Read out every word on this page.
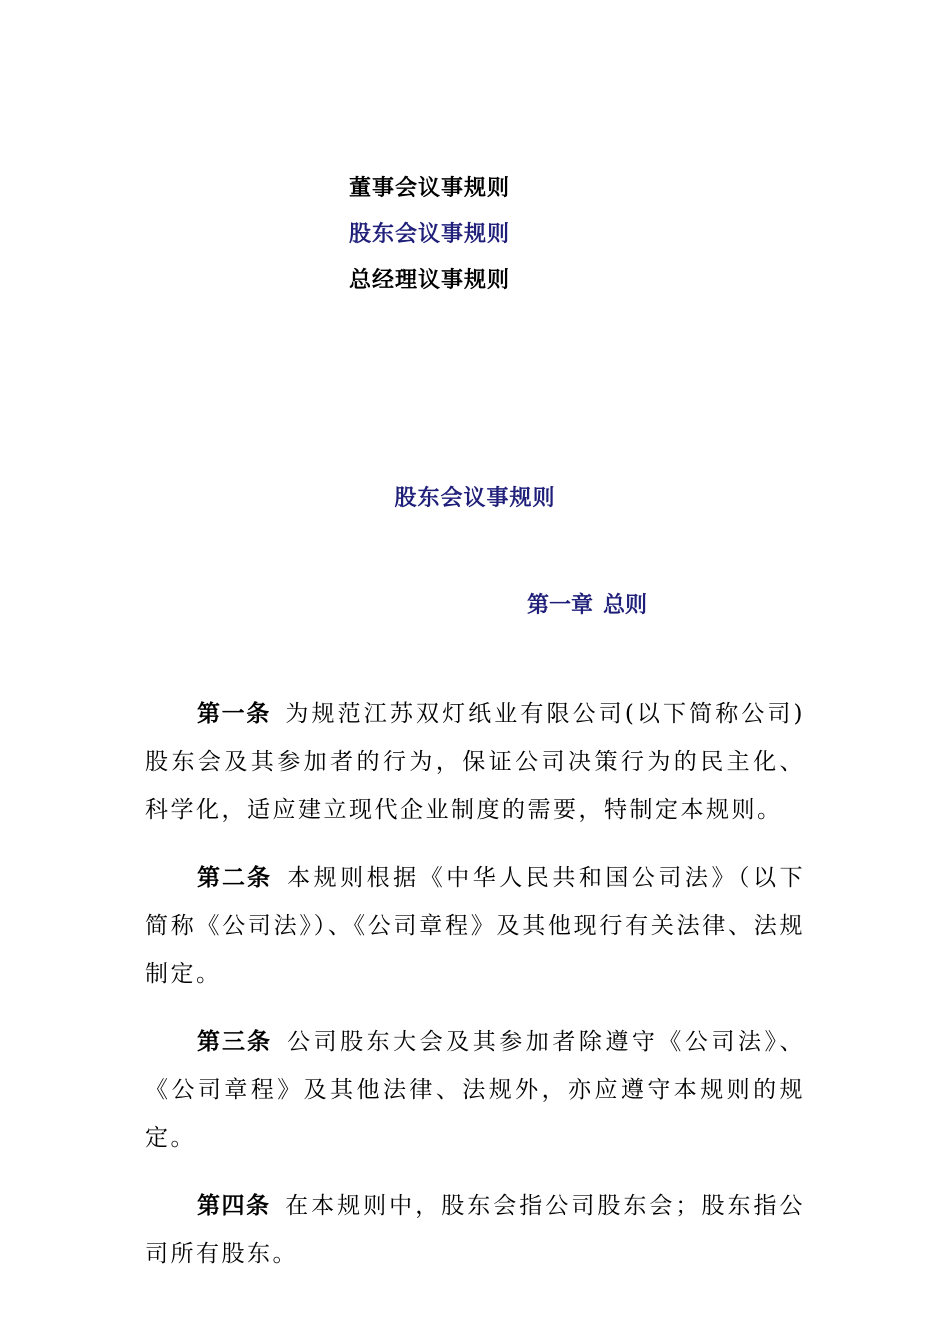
董事会议事规则
股东会议事规则
总经理议事规则
股东会议事规则
第一章 总则

第一条 为规范江苏双灯纸业有限公司(以下简称公司)股东会及其参加者的行为，保证公司决策行为的民主化、科学化，适应建立现代企业制度的需要，特制定本规则。

第二条 本规则根据《中华人民共和国公司法》（以下简称《公司法》）、《公司章程》及其他现行有关法律、法规制定。

第三条 公司股东大会及其参加者除遵守《公司法》、《公司章程》及其他法律、法规外，亦应遵守本规则的规定。

第四条 在本规则中，股东会指公司股东会；股东指公司所有股东。
